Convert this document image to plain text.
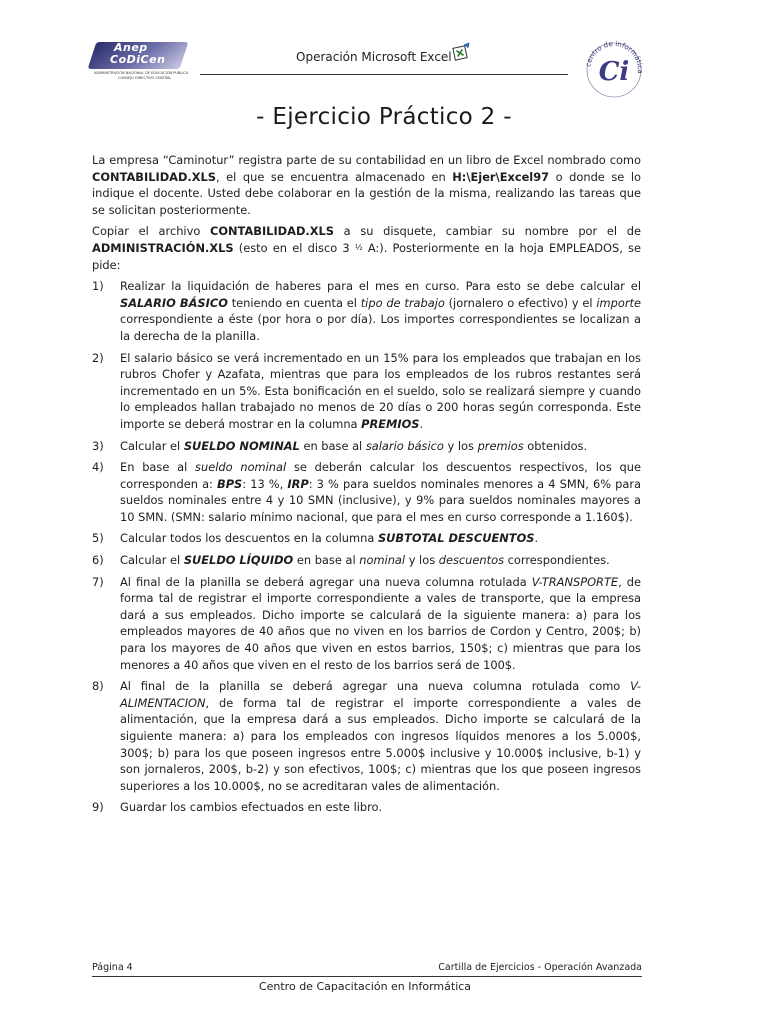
Anep
CoDiCen
ADMINISTRACIÓN NACIONAL DE EDUCACIÓN PÚBLICA
CONSEJO DIRECTIVO CENTRAL
Operación Microsoft Excel
centro de informática
Ci
- Ejercicio Práctico 2 -

La empresa “Caminotur” registra parte de su contabilidad en un libro de Excel nombrado como CONTABILIDAD.XLS, el que se encuentra almacenado en H:\Ejer\Excel97 o donde se lo indique el docente. Usted debe colaborar en la gestión de la misma, realizando las tareas que se solicitan posteriormente.

Copiar el archivo CONTABILIDAD.XLS a su disquete, cambiar su nombre por el de ADMINISTRACIÓN.XLS (esto en el disco 3 ½ A:). Posteriormente en la hoja EMPLEADOS, se pide:

1)	Realizar la liquidación de haberes para el mes en curso. Para esto se debe calcular el SALARIO BÁSICO teniendo en cuenta el tipo de trabajo (jornalero o efectivo) y el importe correspondiente a éste (por hora o por día). Los importes correspondientes se localizan a la derecha de la planilla.
2)	El salario básico se verá incrementado en un 15% para los empleados que trabajan en los rubros Chofer y Azafata, mientras que para los empleados de los rubros restantes será incrementado en un 5%. Esta bonificación en el sueldo, solo se realizará siempre y cuando lo empleados hallan trabajado no menos de 20 días o 200 horas según corresponda. Este importe se deberá mostrar en la columna PREMIOS.
3)	Calcular el SUELDO NOMINAL en base al salario básico y los premios obtenidos.
4)	En base al sueldo nominal se deberán calcular los descuentos respectivos, los que corresponden a: BPS: 13 %, IRP: 3 % para sueldos nominales menores a 4 SMN, 6% para sueldos nominales entre 4 y 10 SMN (inclusive), y 9% para sueldos nominales mayores a 10 SMN. (SMN: salario mínimo nacional, que para el mes en curso corresponde a 1.160$).
5)	Calcular todos los descuentos en la columna SUBTOTAL DESCUENTOS.
6)	Calcular el SUELDO LÍQUIDO en base al nominal y los descuentos correspondientes.
7)	Al final de la planilla se deberá agregar una nueva columna rotulada V-TRANSPORTE, de forma tal de registrar el importe correspondiente a vales de transporte, que la empresa dará a sus empleados. Dicho importe se calculará de la siguiente manera: a) para los empleados mayores de 40 años que no viven en los barrios de Cordon y Centro, 200$; b) para los mayores de 40 años que viven en estos barrios, 150$; c) mientras que para los menores a 40 años que viven en el resto de los barrios será de 100$.
8)	Al final de la planilla se deberá agregar una nueva columna rotulada como V-ALIMENTACION, de forma tal de registrar el importe correspondiente a vales de alimentación, que la empresa dará a sus empleados. Dicho importe se calculará de la siguiente manera: a) para los empleados con ingresos líquidos menores a los 5.000$, 300$; b) para los que poseen ingresos entre 5.000$ inclusive y 10.000$ inclusive, b-1) y son jornaleros, 200$, b-2) y son efectivos, 100$; c) mientras que los que poseen ingresos superiores a los 10.000$, no se acreditaran vales de alimentación.
9)	Guardar los cambios efectuados en este libro.
Página 4	Cartilla de Ejercicios - Operación Avanzada
Centro de Capacitación en Informática
